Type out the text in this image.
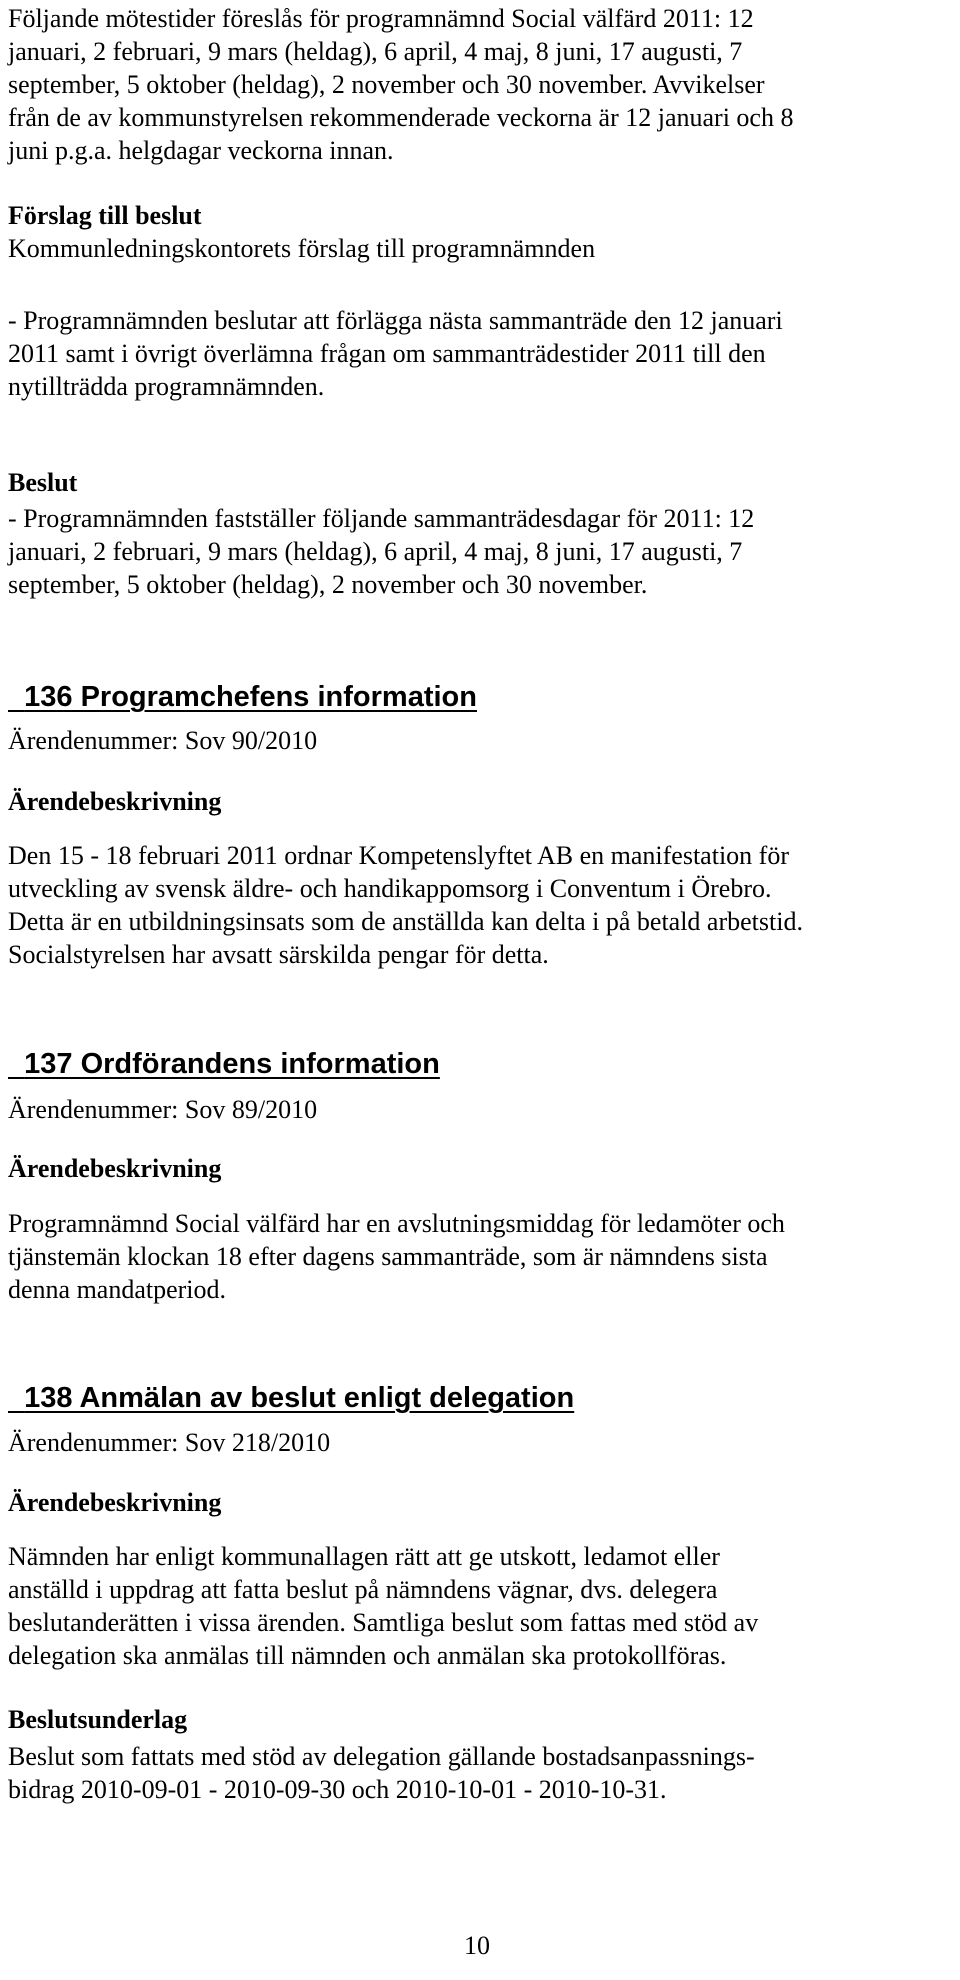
Följande mötestider föreslås för programnämnd Social välfärd 2011: 12
januari, 2 februari, 9 mars (heldag), 6 april, 4 maj, 8 juni, 17 augusti, 7
september, 5 oktober (heldag), 2 november och 30 november. Avvikelser
från de av kommunstyrelsen rekommenderade veckorna är 12 januari och 8
juni p.g.a. helgdagar veckorna innan.

Förslag till beslut

Kommunledningskontorets förslag till programnämnden

- Programnämnden beslutar att förlägga nästa sammanträde den 12 januari
2011 samt i övrigt överlämna frågan om sammanträdestider 2011 till den
nytillträdda programnämnden.

Beslut

- Programnämnden fastställer följande sammanträdesdagar för 2011: 12
januari, 2 februari, 9 mars (heldag), 6 april, 4 maj, 8 juni, 17 augusti, 7
september, 5 oktober (heldag), 2 november och 30 november.

136 Programchefens information

Ärendenummer: Sov 90/2010

Ärendebeskrivning

Den 15 - 18 februari 2011 ordnar Kompetenslyftet AB en manifestation för
utveckling av svensk äldre- och handikappomsorg i Conventum i Örebro.
Detta är en utbildningsinsats som de anställda kan delta i på betald arbetstid.
Socialstyrelsen har avsatt särskilda pengar för detta.

137 Ordförandens information

Ärendenummer: Sov 89/2010

Ärendebeskrivning

Programnämnd Social välfärd har en avslutningsmiddag för ledamöter och
tjänstemän klockan 18 efter dagens sammanträde, som är nämndens sista
denna mandatperiod.

138 Anmälan av beslut enligt delegation

Ärendenummer: Sov 218/2010

Ärendebeskrivning

Nämnden har enligt kommunallagen rätt att ge utskott, ledamot eller
anställd i uppdrag att fatta beslut på nämndens vägnar, dvs. delegera
beslutanderätten i vissa ärenden. Samtliga beslut som fattas med stöd av
delegation ska anmälas till nämnden och anmälan ska protokollföras.

Beslutsunderlag

Beslut som fattats med stöd av delegation gällande bostadsanpassnings-
bidrag 2010-09-01 - 2010-09-30 och 2010-10-01 - 2010-10-31.

10
